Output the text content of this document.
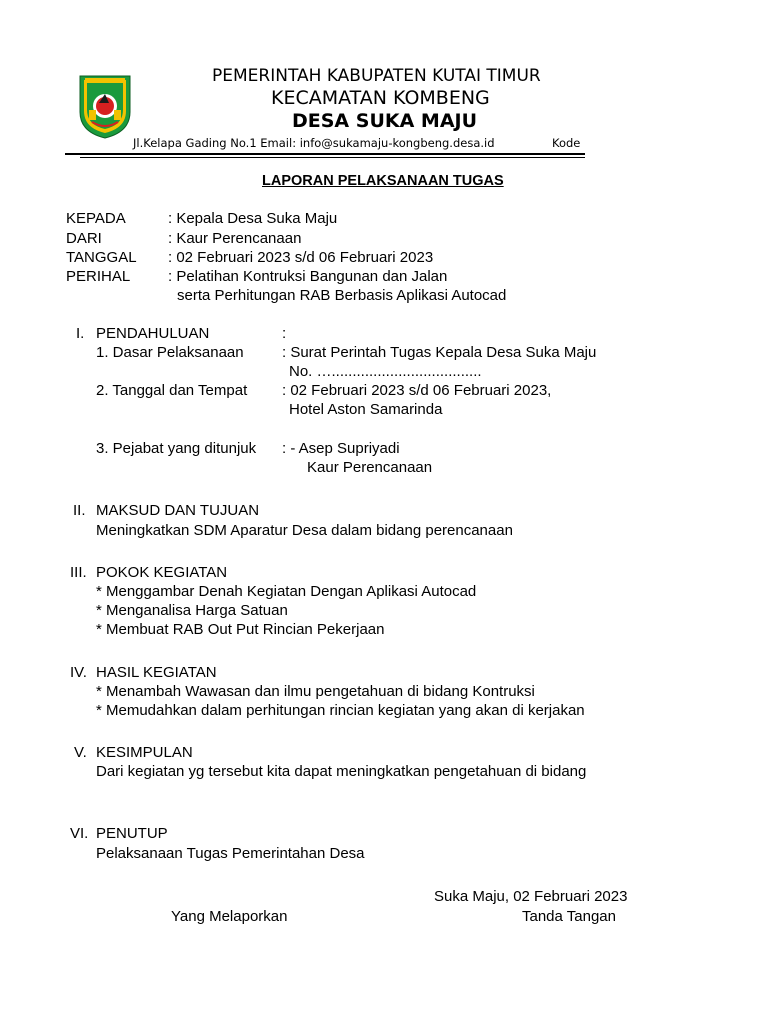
PEMERINTAH KABUPATEN KUTAI TIMUR
KECAMATAN KOMBENG
DESA SUKA MAJU
Jl.Kelapa Gading No.1 Email: info@sukamaju-kongbeng.desa.id	Kode
LAPORAN PELAKSANAAN TUGAS
KEPADA	: Kepala Desa Suka Maju
DARI	: Kaur Perencanaan
TANGGAL : 02 Februari 2023 s/d 06 Februari 2023
PERIHAL	: Pelatihan Kontruksi Bangunan dan Jalan
serta Perhitungan RAB Berbasis Aplikasi Autocad
I. PENDAHULUAN	:
1. Dasar Pelaksanaan	: Surat Perintah Tugas Kepala Desa Suka Maju
No. …....................................
2. Tanggal dan Tempat : 02 Februari 2023 s/d 06 Februari 2023,
Hotel Aston Samarinda
3. Pejabat yang ditunjuk : - Asep Supriyadi
Kaur Perencanaan
II. MAKSUD DAN TUJUAN
Meningkatkan SDM Aparatur Desa dalam bidang perencanaan
III. POKOK KEGIATAN
* Menggambar Denah Kegiatan Dengan Aplikasi Autocad
* Menganalisa Harga Satuan
* Membuat RAB Out Put Rincian Pekerjaan
IV. HASIL KEGIATAN
* Menambah Wawasan dan ilmu pengetahuan di bidang Kontruksi
* Memudahkan dalam perhitungan rincian kegiatan yang akan di kerjakan
V. KESIMPULAN
Dari kegiatan yg tersebut kita dapat meningkatkan pengetahuan di bidang
VI. PENUTUP
Pelaksanaan Tugas Pemerintahan Desa
Suka Maju, 02 Februari 2023
Yang Melaporkan	Tanda Tangan
